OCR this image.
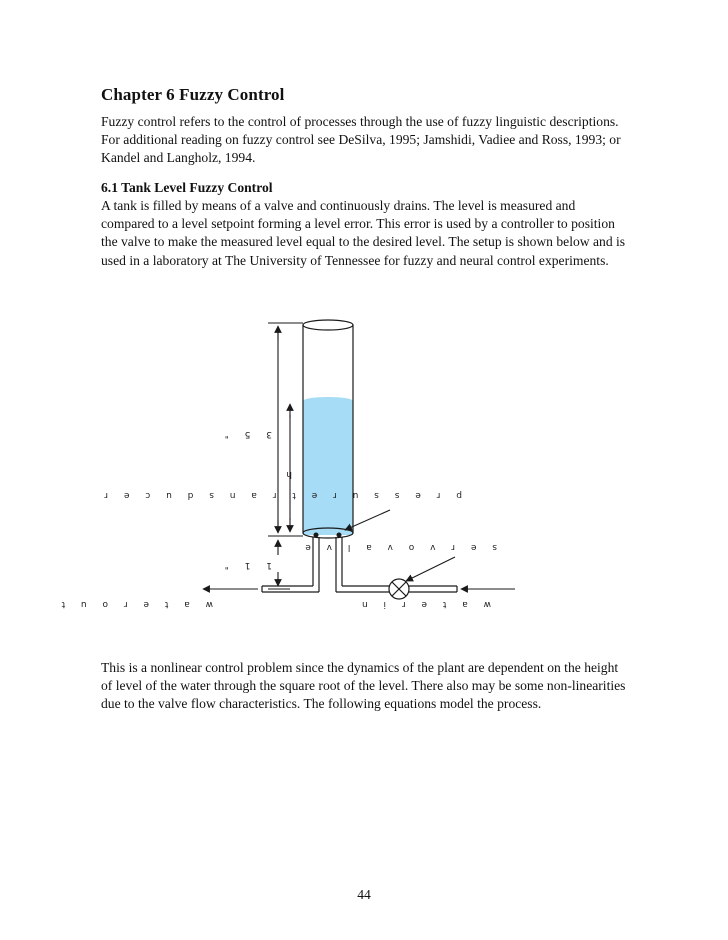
Chapter 6 Fuzzy Control

Fuzzy control refers to the control of processes through the use of fuzzy linguistic descriptions. For additional reading on fuzzy control see DeSilva, 1995; Jamshidi, Vadiee and Ross, 1993; or Kandel and Langholz, 1994.

6.1 Tank Level Fuzzy Control

A tank is filled by means of a valve and continuously drains. The level is measured and compared to a level setpoint forming a level error. This error is used by a controller to position the valve to make the measured level equal to the desired level. The setup is shown below and is used in a laboratory at The University of Tennessee for fuzzy and neural control experiments.

3 5 "
h
p r e s s u r e t r a n s d u c e r
s e r v o v a l v e
1 1 "
w a t e r o u t	w a t e r i n

This is a nonlinear control problem since the dynamics of the plant are dependent on the height of level of the water through the square root of the level. There also may be some non-linearities due to the valve flow characteristics. The following equations model the process.

44
